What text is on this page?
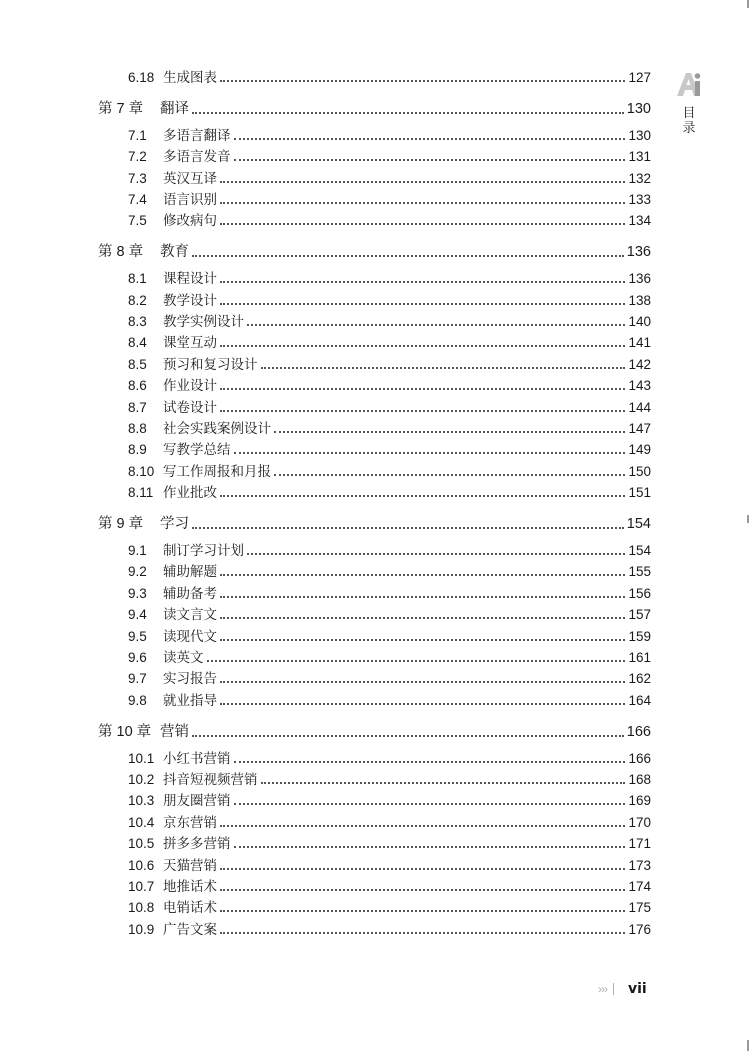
6.18 生成图表	127
第 7 章	翻译	130
7.1	多语言翻译	130
7.2	多语言发音	131
7.3	英汉互译	132
7.4	语言识别	133
7.5	修改病句	134
第 8 章	教育	136
8.1	课程设计	136
8.2	教学设计	138
8.3	教学实例设计	140
8.4	课堂互动	141
8.5	预习和复习设计	142
8.6	作业设计	143
8.7	试卷设计	144
8.8	社会实践案例设计	147
8.9	写教学总结	149
8.10 写工作周报和月报	150
8.11 作业批改	151
第 9 章	学习	154
9.1	制订学习计划	154
9.2	辅助解题	155
9.3	辅助备考	156
9.4	读文言文	157
9.5	读现代文	159
9.6	读英文	161
9.7	实习报告	162
9.8	就业指导	164
第 10 章 营销	166
10.1 小红书营销	166
10.2 抖音短视频营销	168
10.3 朋友圈营销	169
10.4 京东营销	170
10.5 拼多多营销	171
10.6 天猫营销	173
10.7 地推话术	174
10.8 电销话术	175
10.9 广告文案	176
目录
››› vii
